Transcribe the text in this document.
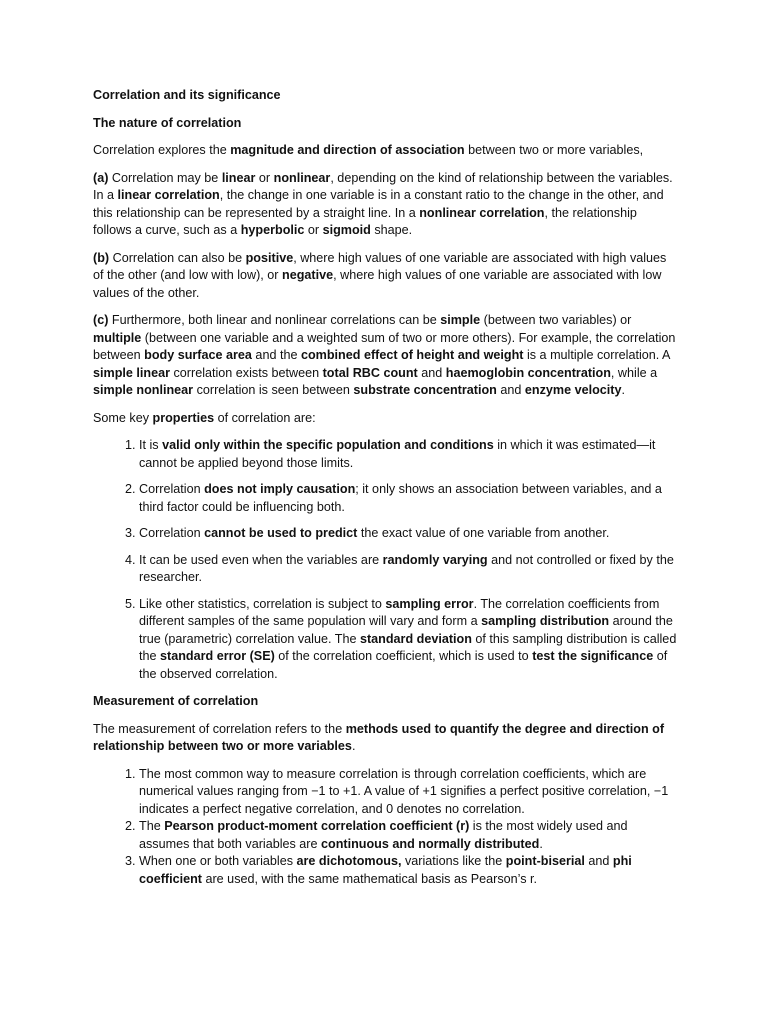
Correlation and its significance

The nature of correlation

Correlation explores the magnitude and direction of association between two or more variables,

(a) Correlation may be linear or nonlinear, depending on the kind of relationship between the variables. In a linear correlation, the change in one variable is in a constant ratio to the change in the other, and this relationship can be represented by a straight line. In a nonlinear correlation, the relationship follows a curve, such as a hyperbolic or sigmoid shape.

(b) Correlation can also be positive, where high values of one variable are associated with high values of the other (and low with low), or negative, where high values of one variable are associated with low values of the other.

(c) Furthermore, both linear and nonlinear correlations can be simple (between two variables) or multiple (between one variable and a weighted sum of two or more others). For example, the correlation between body surface area and the combined effect of height and weight is a multiple correlation. A simple linear correlation exists between total RBC count and haemoglobin concentration, while a simple nonlinear correlation is seen between substrate concentration and enzyme velocity.

Some key properties of correlation are:

1. It is valid only within the specific population and conditions in which it was estimated—it cannot be applied beyond those limits.
2. Correlation does not imply causation; it only shows an association between variables, and a third factor could be influencing both.
3. Correlation cannot be used to predict the exact value of one variable from another.
4. It can be used even when the variables are randomly varying and not controlled or fixed by the researcher.
5. Like other statistics, correlation is subject to sampling error. The correlation coefficients from different samples of the same population will vary and form a sampling distribution around the true (parametric) correlation value. The standard deviation of this sampling distribution is called the standard error (SE) of the correlation coefficient, which is used to test the significance of the observed correlation.

Measurement of correlation

The measurement of correlation refers to the methods used to quantify the degree and direction of relationship between two or more variables.

1. The most common way to measure correlation is through correlation coefficients, which are numerical values ranging from −1 to +1. A value of +1 signifies a perfect positive correlation, −1 indicates a perfect negative correlation, and 0 denotes no correlation.
2. The Pearson product-moment correlation coefficient (r) is the most widely used and assumes that both variables are continuous and normally distributed.
3. When one or both variables are dichotomous, variations like the point-biserial and phi coefficient are used, with the same mathematical basis as Pearson’s r.
